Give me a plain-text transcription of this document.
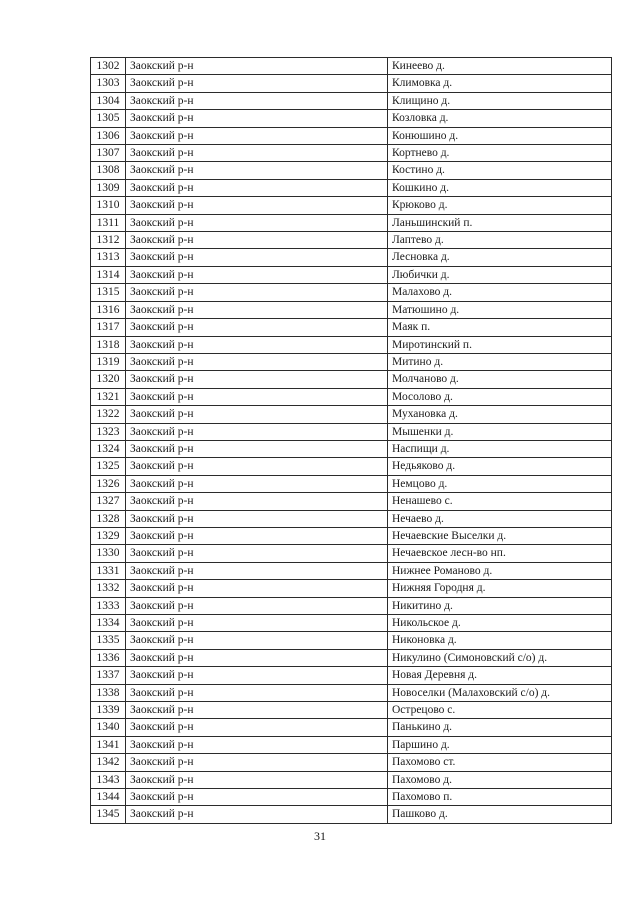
1302	Заокский р-н	Кинеево д.
1303	Заокский р-н	Климовка д.
1304	Заокский р-н	Клищино д.
1305	Заокский р-н	Козловка д.
1306	Заокский р-н	Конюшино д.
1307	Заокский р-н	Кортнево д.
1308	Заокский р-н	Костино д.
1309	Заокский р-н	Кошкино д.
1310	Заокский р-н	Крюково д.
1311	Заокский р-н	Ланьшинский п.
1312	Заокский р-н	Лаптево д.
1313	Заокский р-н	Лесновка д.
1314	Заокский р-н	Любички д.
1315	Заокский р-н	Малахово д.
1316	Заокский р-н	Матюшино д.
1317	Заокский р-н	Маяк п.
1318	Заокский р-н	Миротинский п.
1319	Заокский р-н	Митино д.
1320	Заокский р-н	Молчаново д.
1321	Заокский р-н	Мосолово д.
1322	Заокский р-н	Мухановка д.
1323	Заокский р-н	Мышенки д.
1324	Заокский р-н	Наспищи д.
1325	Заокский р-н	Недьяково д.
1326	Заокский р-н	Немцово д.
1327	Заокский р-н	Ненашево с.
1328	Заокский р-н	Нечаево д.
1329	Заокский р-н	Нечаевские Выселки д.
1330	Заокский р-н	Нечаевское лесн-во нп.
1331	Заокский р-н	Нижнее Романово д.
1332	Заокский р-н	Нижняя Городня д.
1333	Заокский р-н	Никитино д.
1334	Заокский р-н	Никольское д.
1335	Заокский р-н	Никоновка д.
1336	Заокский р-н	Никулино (Симоновский с/о) д.
1337	Заокский р-н	Новая Деревня д.
1338	Заокский р-н	Новоселки (Малаховский с/о) д.
1339	Заокский р-н	Острецово с.
1340	Заокский р-н	Панькино д.
1341	Заокский р-н	Паршино д.
1342	Заокский р-н	Пахомово ст.
1343	Заокский р-н	Пахомово д.
1344	Заокский р-н	Пахомово п.
1345	Заокский р-н	Пашково д.
31
